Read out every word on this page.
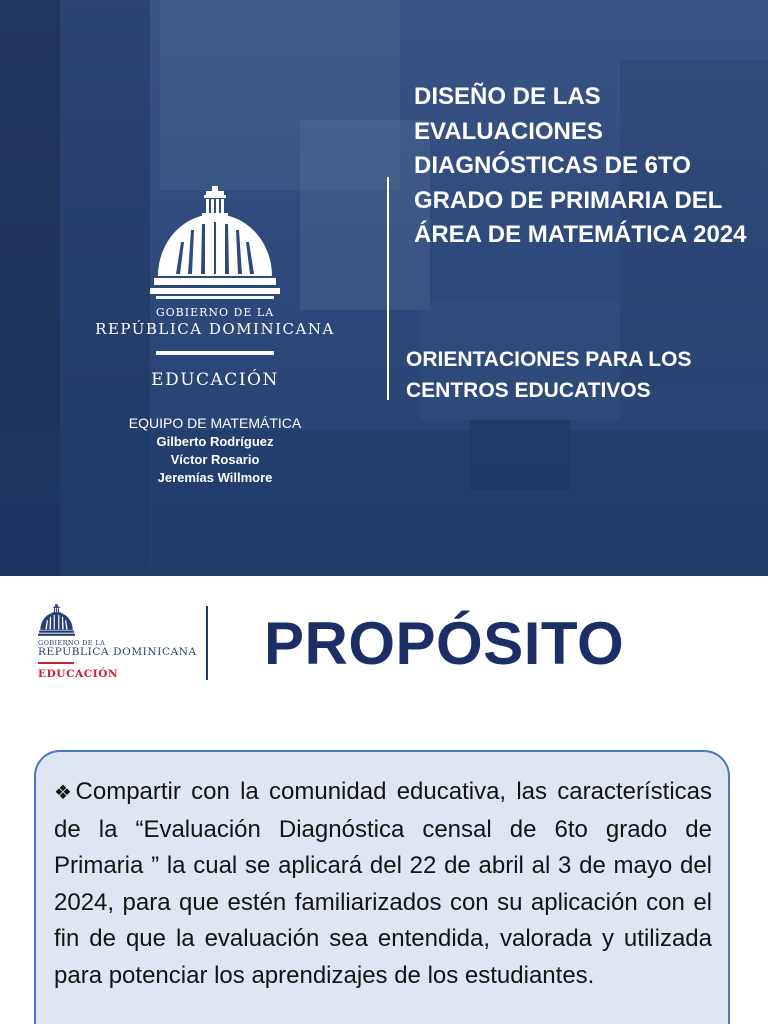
GOBIERNO DE LA
REPÚBLICA DOMINICANA
EDUCACIÓN
EQUIPO DE MATEMÁTICA
Gilberto Rodríguez
Víctor Rosario
Jeremías Willmore
DISEÑO DE LAS EVALUACIONES DIAGNÓSTICAS DE 6TO GRADO DE PRIMARIA DEL ÁREA DE MATEMÁTICA 2024
ORIENTACIONES PARA LOS CENTROS EDUCATIVOS
GOBIERNO DE LA
REPÚBLICA DOMINICANA
EDUCACIÓN PROPÓSITO

❖Compartir con la comunidad educativa, las características de la “Evaluación Diagnóstica censal de 6to grado de Primaria ” la cual se aplicará del 22 de abril al 3 de mayo del 2024, para que estén familiarizados con su aplicación con el fin de que la evaluación sea entendida, valorada y utilizada para potenciar los aprendizajes de los estudiantes.
